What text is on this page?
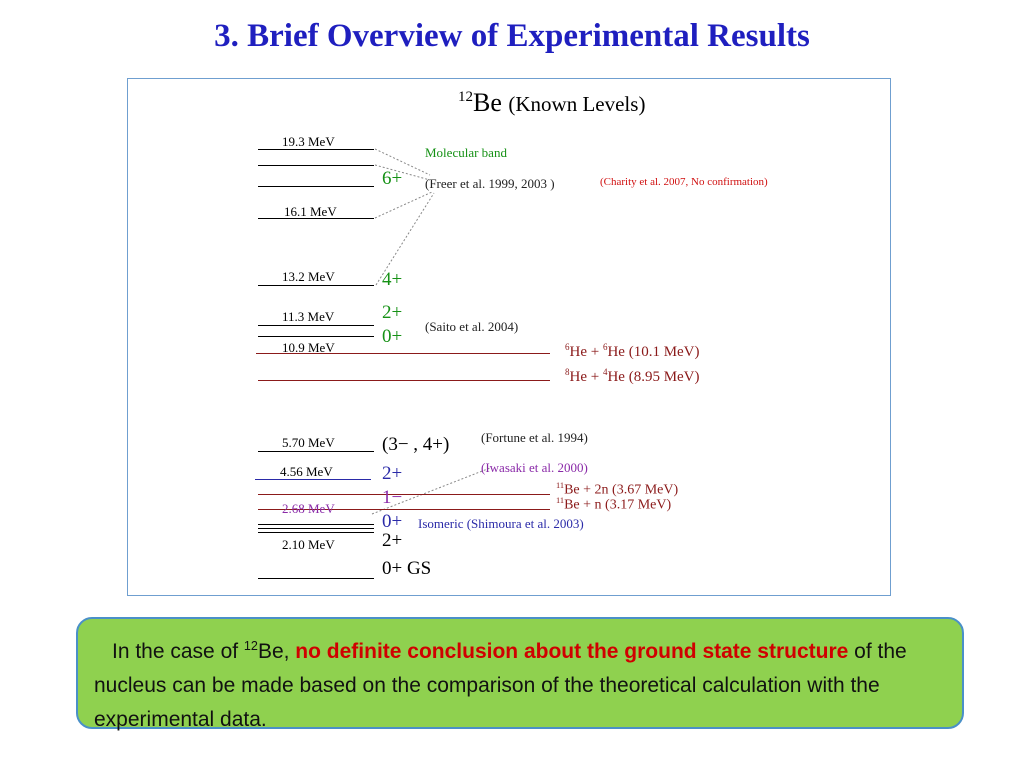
3. Brief Overview of Experimental Results
$^{12}$Be (Known Levels)
19.3 MeV
16.1 MeV
13.2 MeV
11.3 MeV
10.9 MeV
5.70 MeV
4.56 MeV
2.68 MeV
2.10 MeV
6+
4+
2+
0+
(3− , 4+)
2+
1−
0+
2+
0+ GS
Molecular band
(Freer et al. 1999, 2003 )	(Charity et al. 2007, No confirmation)
(Saito et al. 2004)
(Fortune et al. 1994)
(Iwasaki et al. 2000)
Isomeric (Shimoura et al. 2003)
$^6$He + $^6$He (10.1 MeV)
$^8$He + $^4$He (8.95 MeV)
$^{11}$Be + 2n (3.67 MeV)
$^{11}$Be + n (3.17 MeV)
In the case of $^{12}$Be, no definite conclusion about the ground state structure of the nucleus can be made based on the comparison of the theoretical calculation with the experimental data.
